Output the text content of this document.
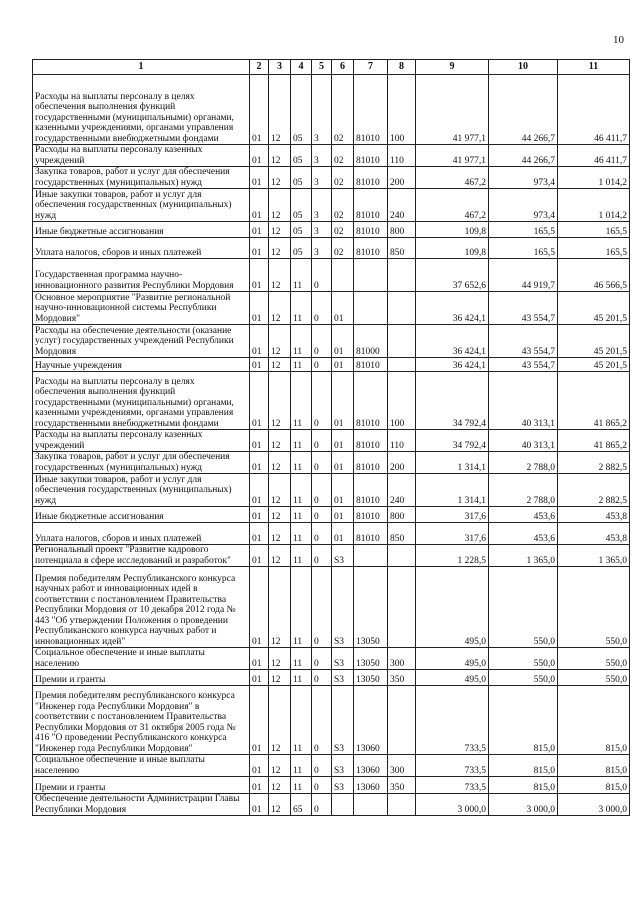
10
1	2	3	4	5	6	7	8	9	10	11
Расходы на выплаты персоналу в целях обеспечения выполнения функций государственными (муниципальными) органами, казенными учреждениями, органами управления государственными внебюджетными фондами	01	12	05	3	02	81010	100	41 977,1	44 266,7	46 411,7
Расходы на выплаты персоналу казенных учреждений	01	12	05	3	02	81010	110	41 977,1	44 266,7	46 411,7
Закупка товаров, работ и услуг для обеспечения государственных (муниципальных) нужд	01	12	05	3	02	81010	200	467,2	973,4	1 014,2
Иные закупки товаров, работ и услуг для обеспечения государственных (муниципальных) нужд	01	12	05	3	02	81010	240	467,2	973,4	1 014,2
Иные бюджетные ассигнования	01	12	05	3	02	81010	800	109,8	165,5	165,5
Уплата налогов, сборов и иных платежей	01	12	05	3	02	81010	850	109,8	165,5	165,5
Государственная программа научно-инновационного развития Республики Мордовия	01	12	11	0				37 652,6	44 919,7	46 566,5
Основное мероприятие "Развитие региональной научно-инновационной системы Республики Мордовия"	01	12	11	0	01			36 424,1	43 554,7	45 201,5
Расходы на обеспечение деятельности (оказание услуг) государственных учреждений Республики Мордовия	01	12	11	0	01	81000		36 424,1	43 554,7	45 201,5
Научные учреждения	01	12	11	0	01	81010		36 424,1	43 554,7	45 201,5
Расходы на выплаты персоналу в целях обеспечения выполнения функций государственными (муниципальными) органами, казенными учреждениями, органами управления государственными внебюджетными фондами	01	12	11	0	01	81010	100	34 792,4	40 313,1	41 865,2
Расходы на выплаты персоналу казенных учреждений	01	12	11	0	01	81010	110	34 792,4	40 313,1	41 865,2
Закупка товаров, работ и услуг для обеспечения государственных (муниципальных) нужд	01	12	11	0	01	81010	200	1 314,1	2 788,0	2 882,5
Иные закупки товаров, работ и услуг для обеспечения государственных (муниципальных) нужд	01	12	11	0	01	81010	240	1 314,1	2 788,0	2 882,5
Иные бюджетные ассигнования	01	12	11	0	01	81010	800	317,6	453,6	453,8
Уплата налогов, сборов и иных платежей	01	12	11	0	01	81010	850	317,6	453,6	453,8
Региональный проект "Развитие кадрового потенциала в сфере исследований и разработок"	01	12	11	0	S3			1 228,5	1 365,0	1 365,0
Премия победителям Республиканского конкурса научных работ и инновационных идей в соответствии с постановлением Правительства Республики Мордовия от 10 декабря 2012 года № 443 "Об утверждении Положения о проведении Республиканского конкурса научных работ и инновационных идей"	01	12	11	0	S3	13050		495,0	550,0	550,0
Социальное обеспечение и иные выплаты населению	01	12	11	0	S3	13050	300	495,0	550,0	550,0
Премии и гранты	01	12	11	0	S3	13050	350	495,0	550,0	550,0
Премия победителям республиканского конкурса "Инженер года Республики Мордовия" в соответствии с постановлением Правительства Республики Мордовия от 31 октября 2005 года № 416 "О проведении Республиканского конкурса "Инженер года Республики Мордовия"	01	12	11	0	S3	13060		733,5	815,0	815,0
Социальное обеспечение и иные выплаты населению	01	12	11	0	S3	13060	300	733,5	815,0	815,0
Премии и гранты	01	12	11	0	S3	13060	350	733,5	815,0	815,0
Обеспечение деятельности Администрации Главы Республики Мордовия	01	12	65	0				3 000,0	3 000,0	3 000,0
